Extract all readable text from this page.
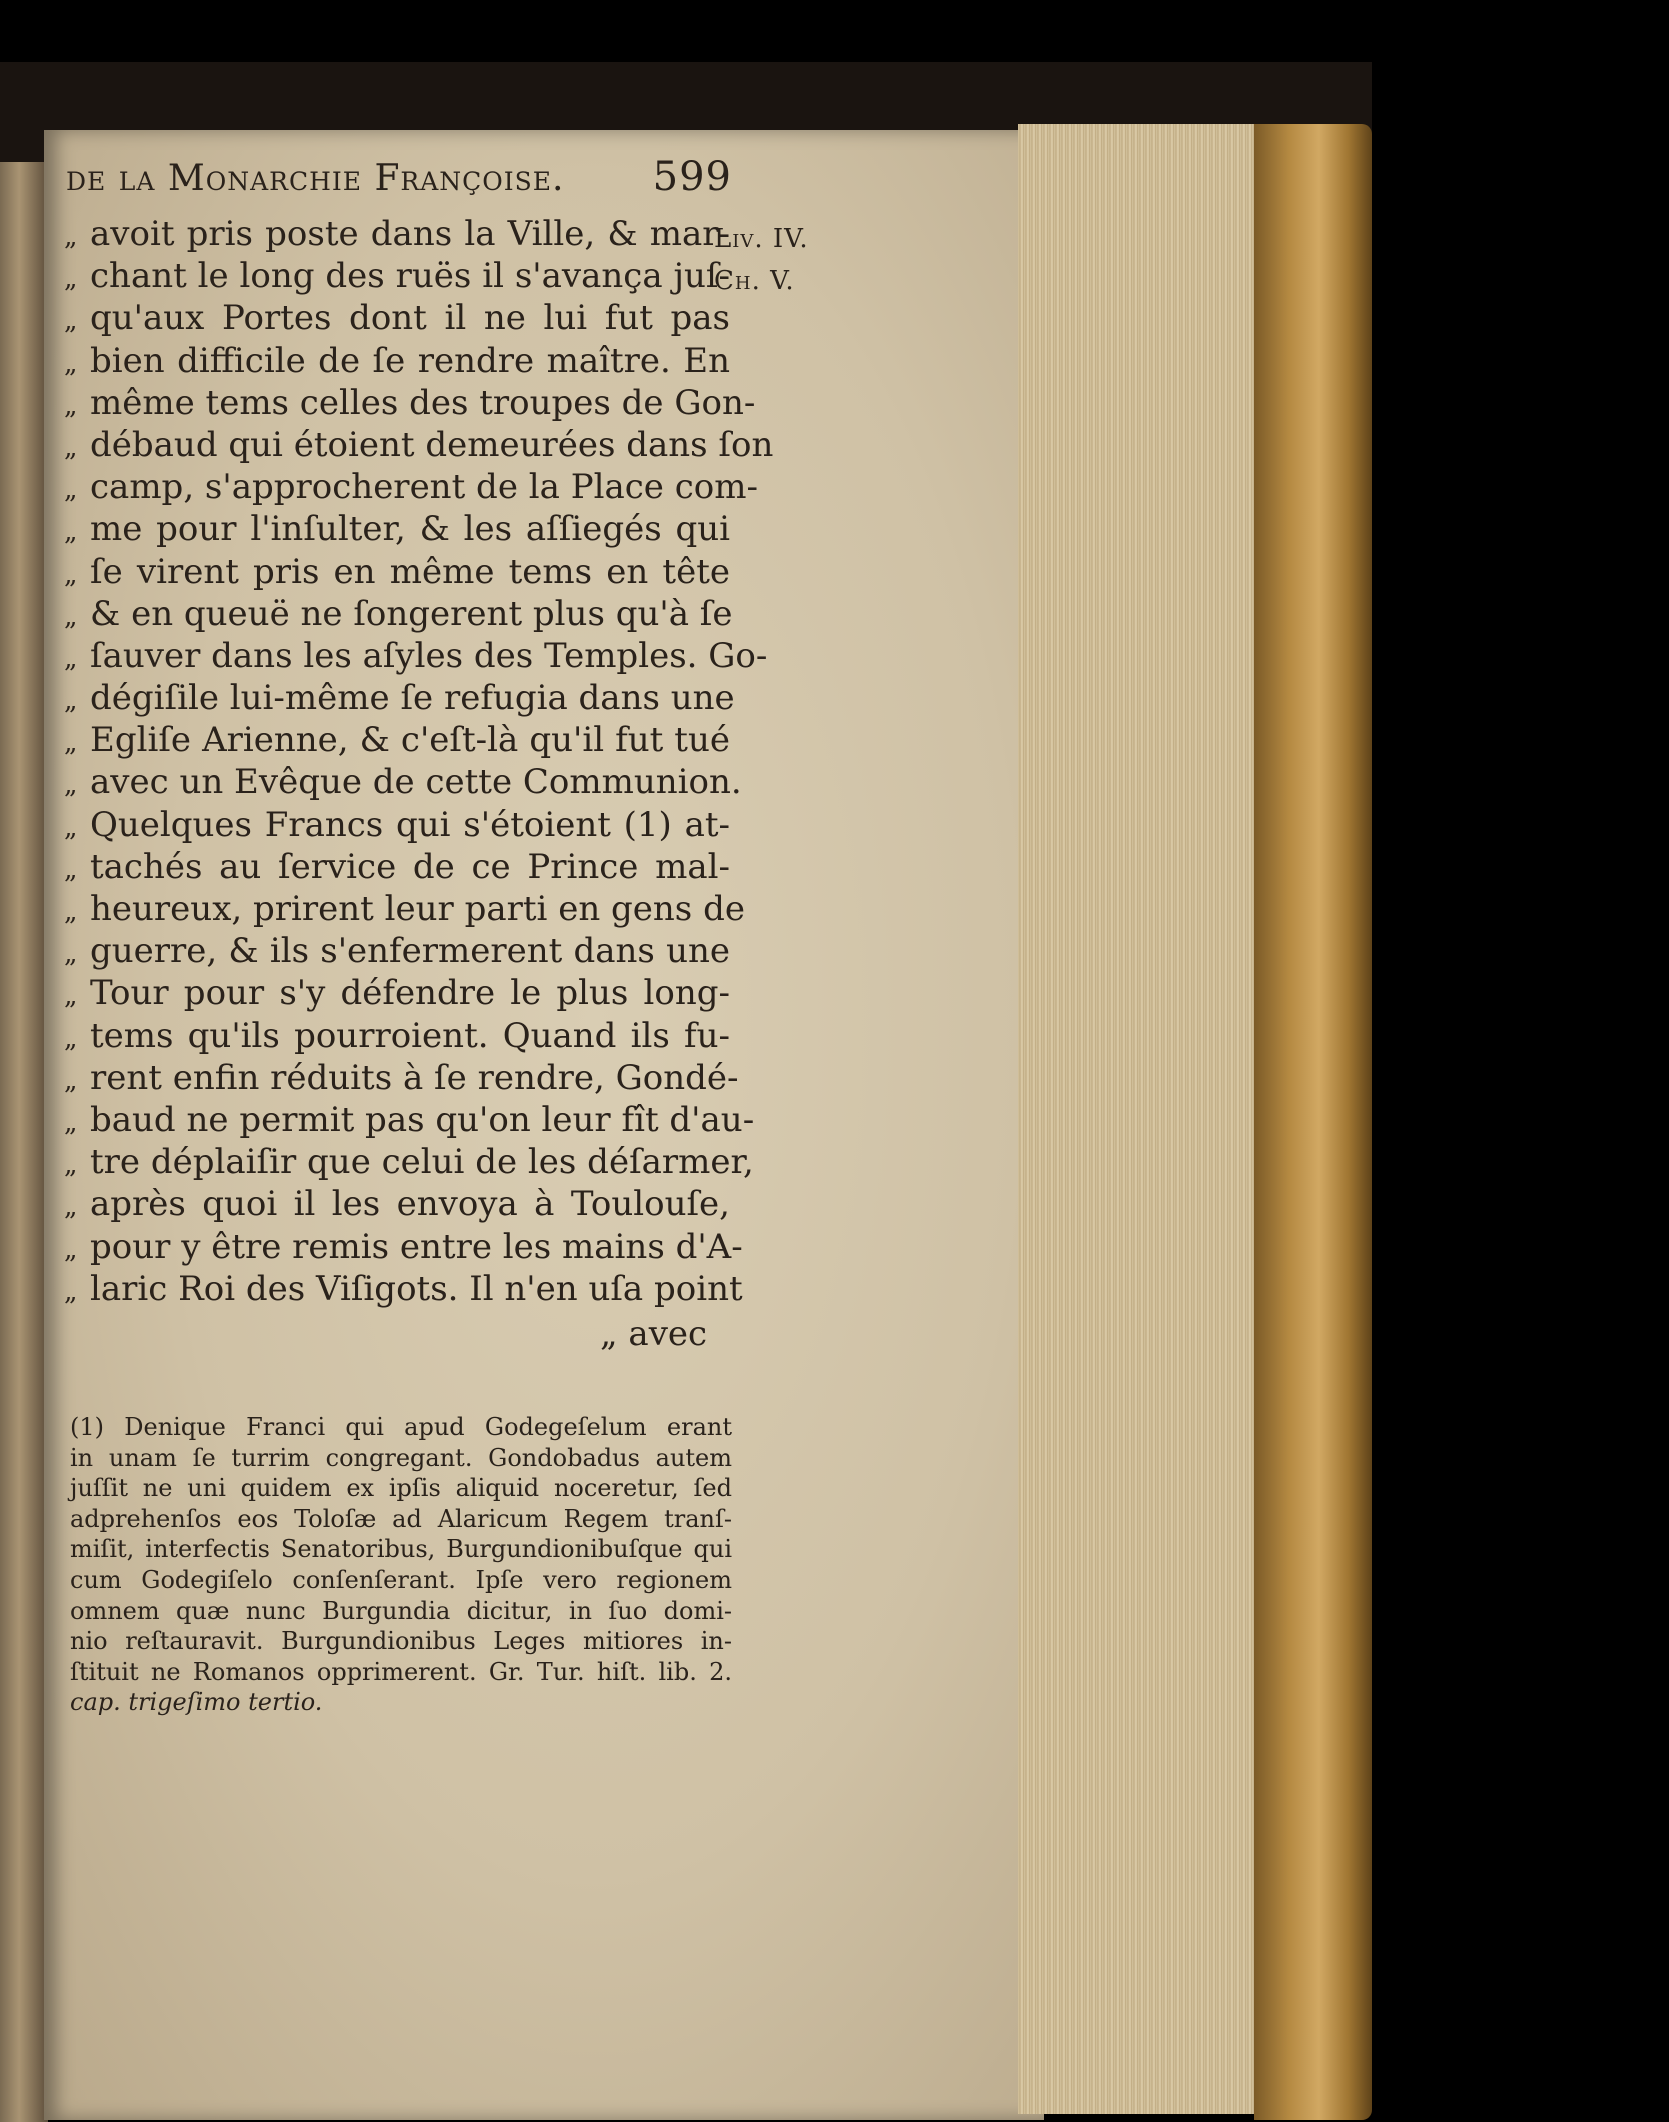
de la Monarchie Françoise. 599
Liv. IV.
Ch. V.
„ avoit pris poste dans la Ville, & mar-
„ chant le long des ruës il s'avança juſ-
„ qu'aux Portes dont il ne lui fut pas
„ bien difficile de ſe rendre maître. En
„ même tems celles des troupes de Gon-
„ débaud qui étoient demeurées dans ſon
„ camp, s'approcherent de la Place com-
„ me pour l'inſulter, & les aſſiegés qui
„ ſe virent pris en même tems en tête
„ & en queuë ne ſongerent plus qu'à ſe
„ ſauver dans les aſyles des Temples. Go-
„ dégiſile lui-même ſe refugia dans une
„ Egliſe Arienne, & c'eſt-là qu'il fut tué
„ avec un Evêque de cette Communion.
„ Quelques Francs qui s'étoient (1) at-
„ tachés au ſervice de ce Prince mal-
„ heureux, prirent leur parti en gens de
„ guerre, & ils s'enfermerent dans une
„ Tour pour s'y défendre le plus long-
„ tems qu'ils pourroient. Quand ils fu-
„ rent enfin réduits à ſe rendre, Gondé-
„ baud ne permit pas qu'on leur fît d'au-
„ tre déplaiſir que celui de les déſarmer,
„ après quoi il les envoya à Toulouſe,
„ pour y être remis entre les mains d'A-
„ laric Roi des Viſigots. Il n'en uſa point
„ avec
(1) Denique Franci qui apud Godegeſelum erant
in unam ſe turrim congregant. Gondobadus autem
juſſit ne uni quidem ex ipſis aliquid noceretur, ſed
adprehenſos eos Toloſæ ad Alaricum Regem tranſ-
miſit, interfectis Senatoribus, Burgundionibuſque qui
cum Godegiſelo conſenſerant. Ipſe vero regionem
omnem quæ nunc Burgundia dicitur, in ſuo domi-
nio reſtauravit. Burgundionibus Leges mitiores in-
ſtituit ne Romanos opprimerent. Gr. Tur. hiſt. lib. 2.
cap. trigeſimo tertio.
